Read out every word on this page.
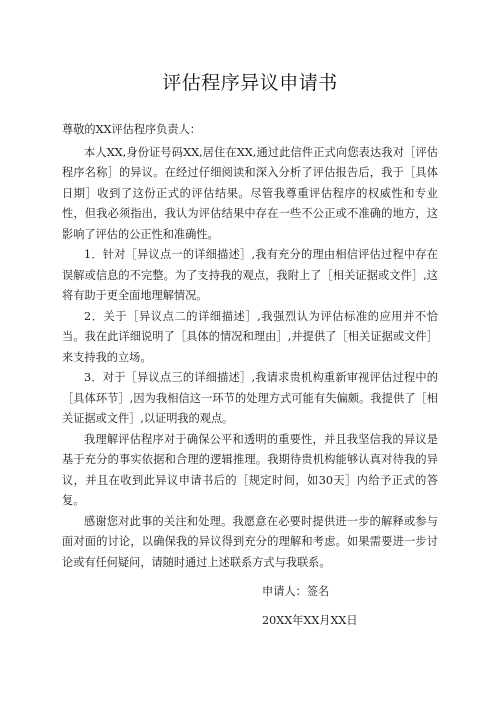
评估程序异议申请书

尊敬的XX评估程序负责人：

本人XX,身份证号码XX,居住在XX,通过此信件正式向您表达我对［评估程序名称］的异议。在经过仔细阅读和深入分析了评估报告后，我于［具体日期］收到了这份正式的评估结果。尽管我尊重评估程序的权威性和专业性，但我必须指出，我认为评估结果中存在一些不公正或不准确的地方，这影响了评估的公正性和准确性。

1．针对［异议点一的详细描述］,我有充分的理由相信评估过程中存在误解或信息的不完整。为了支持我的观点，我附上了［相关证据或文件］,这将有助于更全面地理解情况。

2．关于［异议点二的详细描述］,我强烈认为评估标准的应用并不恰当。我在此详细说明了［具体的情况和理由］,并提供了［相关证据或文件］来支持我的立场。

3．对于［异议点三的详细描述］,我请求贵机构重新审视评估过程中的［具体环节］,因为我相信这一环节的处理方式可能有失偏颇。我提供了［相关证据或文件］,以证明我的观点。

我理解评估程序对于确保公平和透明的重要性，并且我坚信我的异议是基于充分的事实依据和合理的逻辑推理。我期待贵机构能够认真对待我的异议，并且在收到此异议申请书后的［规定时间，如30天］内给予正式的答复。

感谢您对此事的关注和处理。我愿意在必要时提供进一步的解释或参与面对面的讨论，以确保我的异议得到充分的理解和考虑。如果需要进一步讨论或有任何疑问，请随时通过上述联系方式与我联系。

申请人：签名
20XX年XX月XX日
